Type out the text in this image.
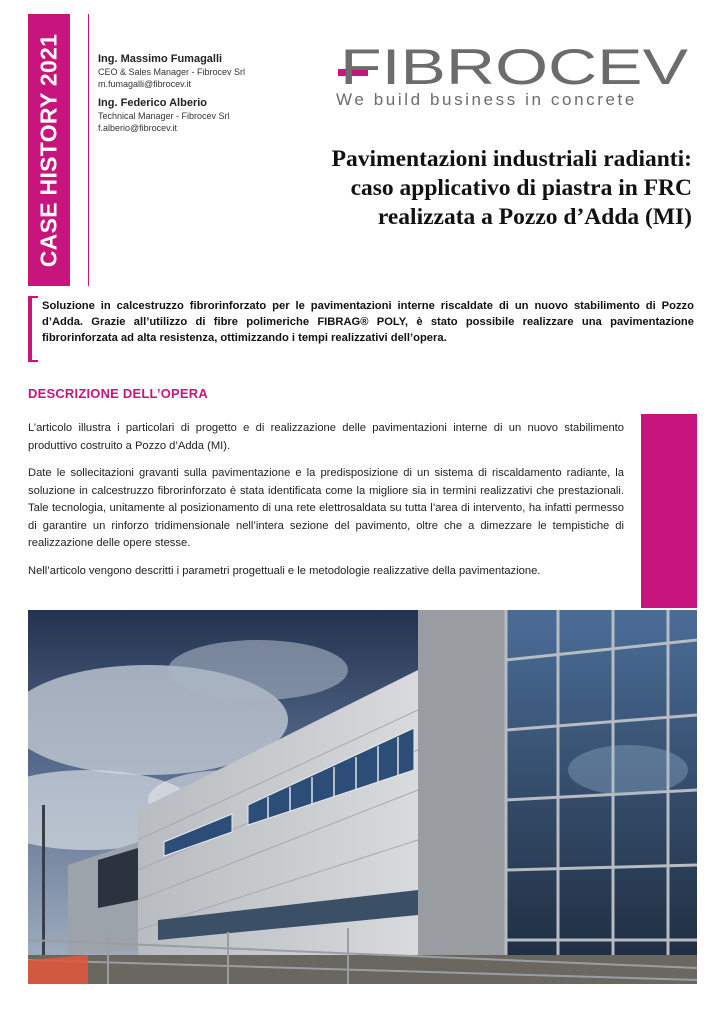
CASE HISTORY 2021	Ing. Massimo Fumagalli
CEO & Sales Manager - Fibrocev Srl
m.fumagalli@fibrocev.it
Ing. Federico Alberio
Technical Manager - Fibrocev Srl
f.alberio@fibrocev.it
FIBROCEV
We build business in concrete
Pavimentazioni industriali radianti:
caso applicativo di piastra in FRC
realizzata a Pozzo d’Adda (MI)
Soluzione in calcestruzzo fibrorinforzato per le pavimentazioni interne riscaldate di un nuovo stabilimento di Pozzo d’Adda. Grazie all’utilizzo di fibre polimeriche FIBRAG® POLY, è stato possibile realizzare una pavimentazione fibrorinforzata ad alta resistenza, ottimizzando i tempi realizzativi dell’opera.
DESCRIZIONE DELL’OPERA

L’articolo illustra i particolari di progetto e di realizzazione delle pavimentazioni interne di un nuovo stabilimento produttivo costruito a Pozzo d’Adda (MI).

Date le sollecitazioni gravanti sulla pavimentazione e la predisposizione di un sistema di riscaldamento radiante, la soluzione in calcestruzzo fibrorinforzato è stata identificata come la migliore sia in termini realizzativi che prestazionali. Tale tecnologia, unitamente al posizionamento di una rete elettrosaldata su tutta l’area di intervento, ha infatti permesso di garantire un rinforzo tridimensionale nell’intera sezione del pavimento, oltre che a dimezzare le tempistiche di realizzazione delle opere stesse.

Nell’articolo vengono descritti i parametri progettuali e le metodologie realizzative della pavimentazione.
